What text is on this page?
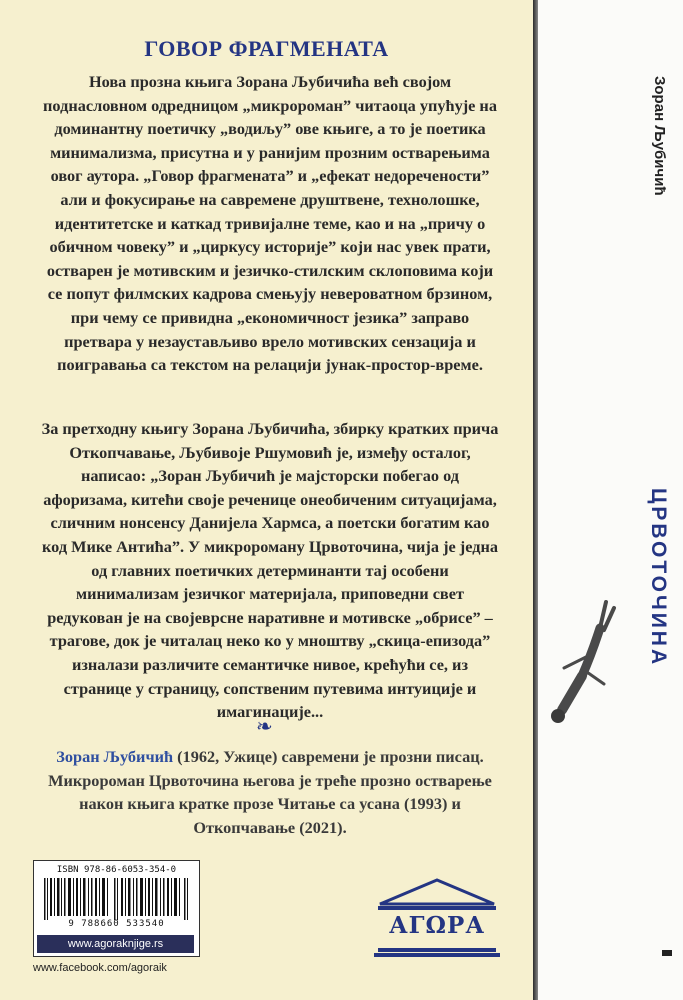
ГОВОР ФРАГМЕНАТА
Нова прозна књига Зорана Љубичића већ својом поднасловном одредницом „микророман” читаоца упућује на доминантну поетичку „водиљу” ове књиге, а то је поетика минимализма, присутна и у ранијим прозним остварењима овог аутора. „Говор фрагмената” и „ефекат недоречености” али и фокусирање на савремене друштвене, технолошке, идентитетске и каткад тривијалне теме, као и на „причу о обичном човеку” и „циркусу историје” који нас увек прати, остварен је мотивским и језичко-стилским склоповима који се попут филмских кадрова смењују невероватном брзином, при чему се привидна „економичност језика” заправо претвара у незаустављиво врело мотивских сензација и поигравања са текстом на релацији јунак-простор-време.
За претходну књигу Зорана Љубичића, збирку кратких прича Откопчавање, Љубивоје Ршумовић је, између осталог, написао: „Зоран Љубичић је мајсторски побегао од афоризама, китећи своје реченице онеобиченим ситуацијама, сличним нонсенсу Данијела Хармса, а поетски богатим као код Мике Антића”. У микророману Црвоточина, чија је једна од главних поетичких детерминанти тај особени минимализам језичког материјала, приповедни свет редукован је на својеврсне наративне и мотивске „обрисе” – трагове, док је читалац неко ко у мноштву „скица-епизода” изналази различите семантичке нивое, крећући се, из странице у страницу, сопственим путевима интуиције и имагинације...
❧
Зоран Љубичић (1962, Ужице) савремени је прозни писац. Микророман Црвоточина његова је треће прозно остварење након књига кратке прозе Читање са усана (1993) и Откопчавање (2021).
ISBN 978-86-6053-354-0
9 788660 533540
www.agoraknjige.rs
www.facebook.com/agoraik
АГΩРА
Зоран Љубичић
ЦРВОТОЧИНА
